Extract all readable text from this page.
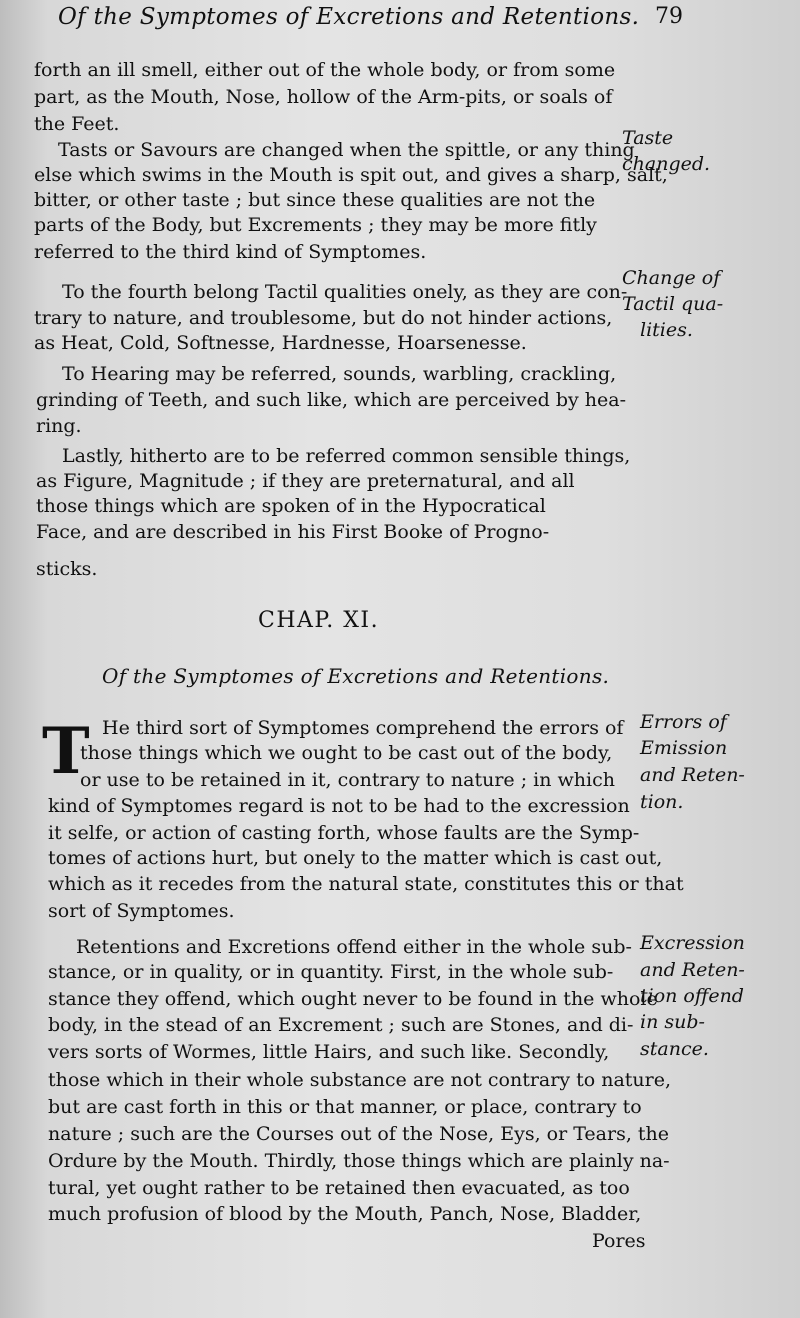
Of the Symptomes of Excretions and Retentions. 79
forth an ill smell, either out of the whole body, or from some
part, as the Mouth, Nose, hollow of the Arm-pits, or soals of
the Feet.
Tasts or Savours are changed when the spittle, or any thing
else which swims in the Mouth is spit out, and gives a sharp, salt,
bitter, or other taste ; but since these qualities are not the
parts of the Body, but Excrements ; they may be more fitly
referred to the third kind of Symptomes.
To the fourth belong Tactil qualities onely, as they are con-
trary to nature, and troublesome, but do not hinder actions,
as Heat, Cold, Softnesse, Hardnesse, Hoarsenesse.
To Hearing may be referred, sounds, warbling, crackling,
grinding of Teeth, and such like, which are perceived by hea-
ring.
Lastly, hitherto are to be referred common sensible things,
as Figure, Magnitude ; if they are preternatural, and all
those things which are spoken of in the Hypocratical
Face, and are described in his First Booke of Progno-
sticks.
Taste
changed.
Change of
Tactil qua-
lities.
CHAP. XI.
Of the Symptomes of Excretions and Retentions.
T He third sort of Symptomes comprehend the errors of
those things which we ought to be cast out of the body,
or use to be retained in it, contrary to nature ; in which
kind of Symptomes regard is not to be had to the excression
it selfe, or action of casting forth, whose faults are the Symp-
tomes of actions hurt, but onely to the matter which is cast out,
which as it recedes from the natural state, constitutes this or that
sort of Symptomes.
Retentions and Excretions offend either in the whole sub-
stance, or in quality, or in quantity. First, in the whole sub-
stance they offend, which ought never to be found in the whole
body, in the stead of an Excrement ; such are Stones, and di-
vers sorts of Wormes, little Hairs, and such like. Secondly,
those which in their whole substance are not contrary to nature,
but are cast forth in this or that manner, or place, contrary to
nature ; such are the Courses out of the Nose, Eys, or Tears, the
Ordure by the Mouth. Thirdly, those things which are plainly na-
tural, yet ought rather to be retained then evacuated, as too
much profusion of blood by the Mouth, Panch, Nose, Bladder,
Pores
Errors of
Emission
and Reten-
tion.
Excression
and Reten-
tion offend
in sub-
stance.
